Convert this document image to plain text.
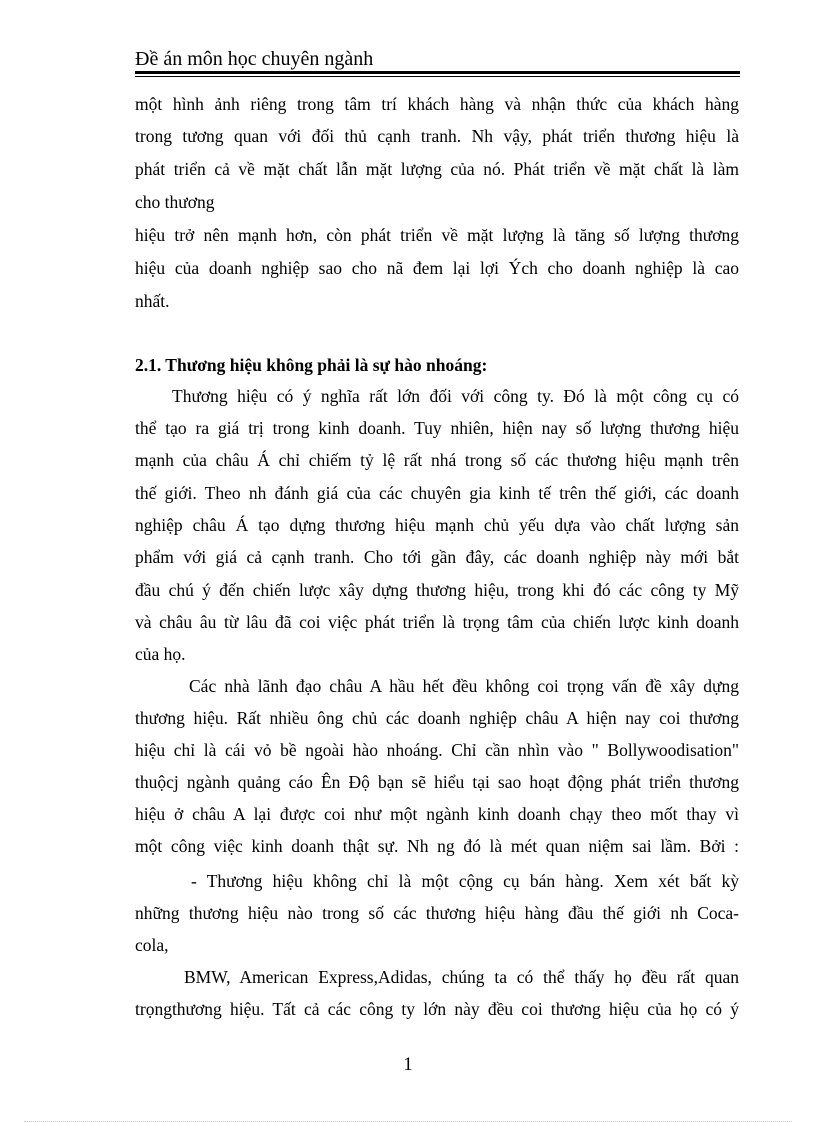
Đề án môn học chuyên ngành
một hình ảnh riêng trong tâm trí khách hàng và nhận thức của khách hàng
trong tương quan với đối thủ cạnh tranh. Nh vậy, phát triển thương hiệu là
phát triển cả về mặt chất lẫn mặt lượng của nó. Phát triển về mặt chất là làm
cho thương
hiệu trở nên mạnh hơn, còn phát triển về mặt lượng là tăng số lượng thương
hiệu của doanh nghiệp sao cho nã đem lại lợi Ých cho doanh nghiệp là cao
nhất.
2.1. Thương hiệu không phải là sự hào nhoáng:
Thương hiệu có ý nghĩa rất lớn đối với công ty. Đó là một công cụ có
thể tạo ra giá trị trong kinh doanh. Tuy nhiên, hiện nay số lượng thương hiệu
mạnh của châu Á chỉ chiếm tỷ lệ rất nhá trong số các thương hiệu mạnh trên
thế giới. Theo nh đánh giá của các chuyên gia kinh tế trên thế giới, các doanh
nghiệp châu Á tạo dựng thương hiệu mạnh chủ yếu dựa vào chất lượng sản
phẩm với giá cả cạnh tranh. Cho tới gần đây, các doanh nghiệp này mới bắt
đầu chú ý đến chiến lược xây dựng thương hiệu, trong khi đó các công ty Mỹ
và châu âu từ lâu đã coi việc phát triển là trọng tâm của chiến lược kinh doanh
của họ.
Các nhà lãnh đạo châu A hầu hết đều không coi trọng vấn đề xây dựng
thương hiệu. Rất nhiều ông chủ các doanh nghiệp châu A hiện nay coi thương
hiệu chỉ là cái vỏ bề ngoài hào nhoáng. Chỉ cần nhìn vào " Bollywoodisation"
thuộcj ngành quảng cáo Ên Độ bạn sẽ hiểu tại sao hoạt động phát triển thương
hiệu ở châu A lại được coi như một ngành kinh doanh chạy theo mốt thay vì
một công việc kinh doanh thật sự. Nh ng đó là mét quan niệm sai lầm. Bởi :
- Thương hiệu không chỉ là một cộng cụ bán hàng. Xem xét bất kỳ
những thương hiệu nào trong số các thương hiệu hàng đầu thế giới nh Coca-
cola,
BMW, American Express,Adidas, chúng ta có thể thấy họ đều rất quan
trọngthương hiệu. Tất cả các công ty lớn này đều coi thương hiệu của họ có ý
1
